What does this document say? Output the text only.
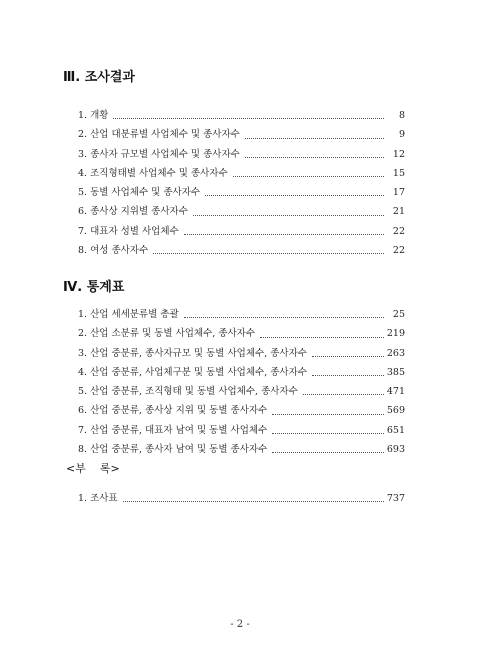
Ⅲ. 조사결과
1. 개황	8
2. 산업 대분류별 사업체수 및 종사자수	9
3. 종사자 규모별 사업체수 및 종사자수	12
4. 조직형태별 사업체수 및 종사자수	15
5. 동별 사업체수 및 종사자수	17
6. 종사상 지위별 종사자수	21
7. 대표자 성별 사업체수	22
8. 여성 종사자수	22
Ⅳ. 통계표
1. 산업 세세분류별 총괄	25
2. 산업 소분류 및 동별 사업체수, 종사자수	219
3. 산업 중분류, 종사자규모 및 동별 사업체수, 종사자수	263
4. 산업 중분류, 사업체구분 및 동별 사업체수, 종사자수	385
5. 산업 중분류, 조직형태 및 동별 사업체수, 종사자수	471
6. 산업 중분류, 종사상 지위 및 동별 종사자수	569
7. 산업 중분류, 대표자 남여 및 동별 사업체수	651
8. 산업 중분류, 종사자 남여 및 동별 종사자수	693
<부    록>
1. 조사표	737
- 2 -
